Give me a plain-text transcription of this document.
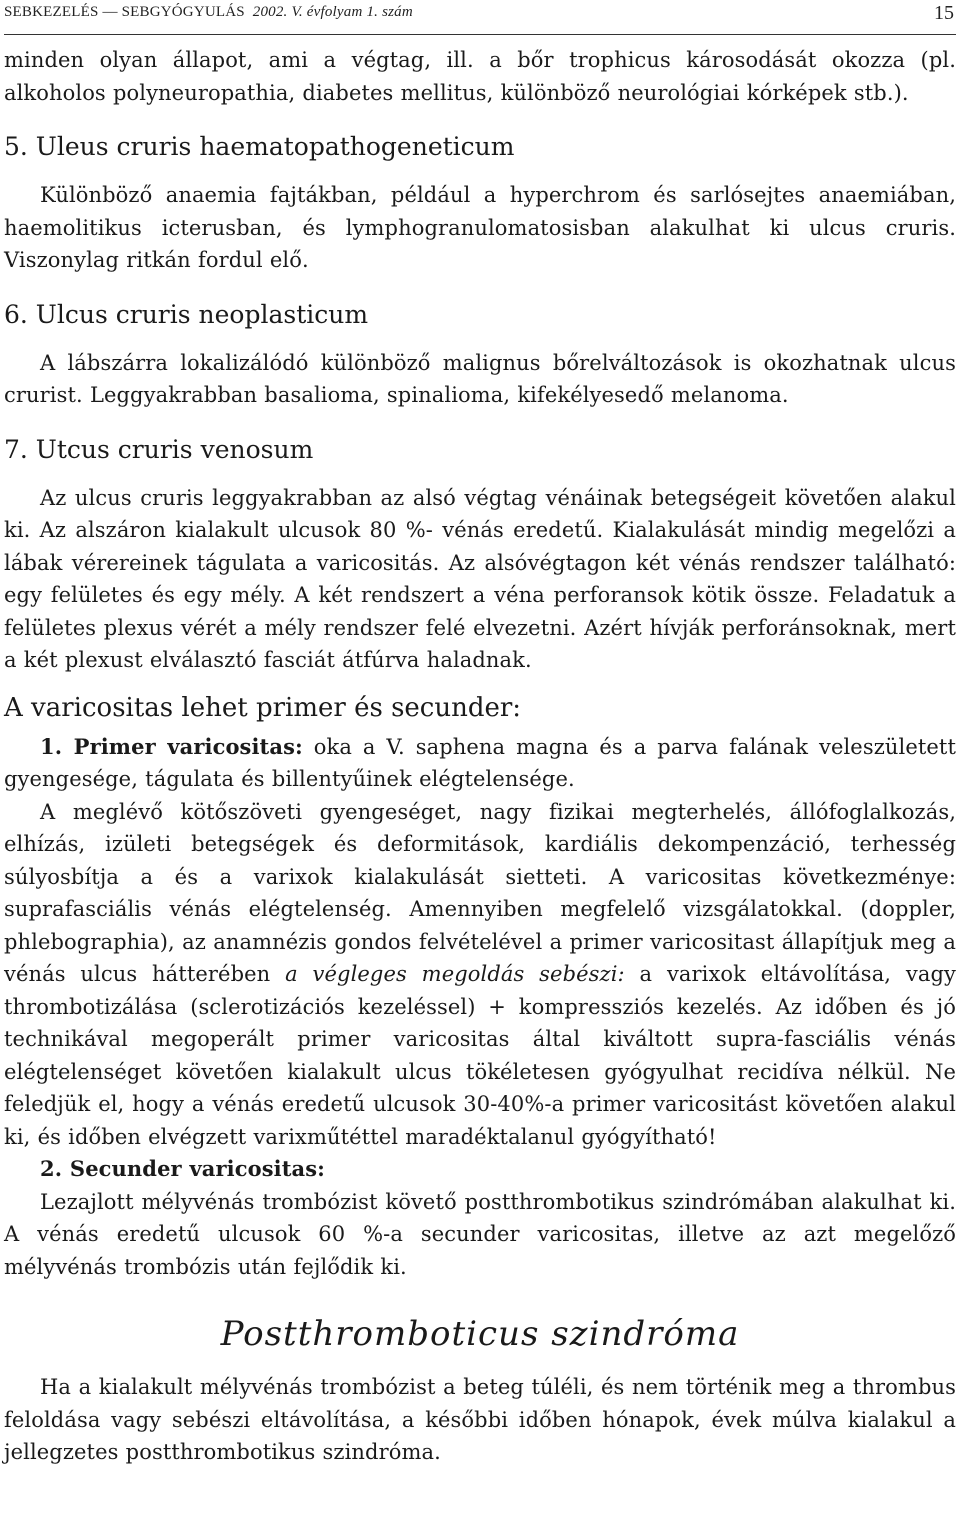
SEBKEZELÉS — SEBGYÓGYULÁS 2002. V. évfolyam 1. szám	15

minden olyan állapot, ami a végtag, ill. a bőr trophicus károsodását okozza (pl. alkoholos polyneuropathia, diabetes mellitus, különböző neurológiai kórképek stb.).

5. Uleus cruris haematopathogeneticum

Különböző anaemia fajtákban, például a hyperchrom és sarlósejtes anaemiában, haemolitikus icterusban, és lymphogranulomatosisban alakulhat ki ulcus cruris. Viszonylag ritkán fordul elő.

6. Ulcus cruris neoplasticum

A lábszárra lokalizálódó különböző malignus bőrelváltozások is okozhatnak ulcus crurist. Leggyakrabban basalioma, spinalioma, kifekélyesedő melanoma.

7. Utcus cruris venosum

Az ulcus cruris leggyakrabban az alsó végtag vénáinak betegségeit követően alakul ki. Az alszáron kialakult ulcusok 80 %- vénás eredetű. Kialakulását mindig megelőzi a lábak vérereinek tágulata a varicositás. Az alsóvégtagon két vénás rendszer található: egy felületes és egy mély. A két rendszert a véna perforansok kötik össze. Feladatuk a felületes plexus vérét a mély rendszer felé elvezetni. Azért hívják perforánsoknak, mert a két plexust elválasztó fasciát átfúrva haladnak.

A varicositas lehet primer és secunder:

1. Primer varicositas: oka a V. saphena magna és a parva falának veleszületett gyengesége, tágulata és billentyűinek elégtelensége.

A meglévő kötőszöveti gyengeséget, nagy fizikai megterhelés, állófoglalkozás, elhízás, izületi betegségek és deformitások, kardiális dekompenzáció, terhesség súlyosbítja a és a varixok kialakulását sietteti. A varicositas következménye: suprafasciális vénás elégtelenség. Amennyiben megfelelő vizsgálatokkal. (doppler, phlebographia), az anamnézis gondos felvételével a primer varicositast állapítjuk meg a vénás ulcus hátterében a végleges megoldás sebészi: a varixok eltávolítása, vagy thrombotizálása (sclerotizációs kezeléssel) + kompressziós kezelés. Az időben és jó technikával megoperált primer varicositas által kiváltott supra-fasciális vénás elégtelenséget követően kialakult ulcus tökéletesen gyógyulhat recidíva nélkül. Ne feledjük el, hogy a vénás eredetű ulcusok 30-40%-a primer varicositást követően alakul ki, és időben elvégzett varixműtéttel maradéktalanul gyógyítható!

2. Secunder varicositas:

Lezajlott mélyvénás trombózist követő postthrombotikus szindrómában alakulhat ki. A vénás eredetű ulcusok 60 %-a secunder varicositas, illetve az azt megelőző mélyvénás trombózis után fejlődik ki.

Postthromboticus szindróma

Ha a kialakult mélyvénás trombózist a beteg túléli, és nem történik meg a thrombus feloldása vagy sebészi eltávolítása, a későbbi időben hónapok, évek múlva kialakul a jellegzetes postthrombotikus szindróma.
